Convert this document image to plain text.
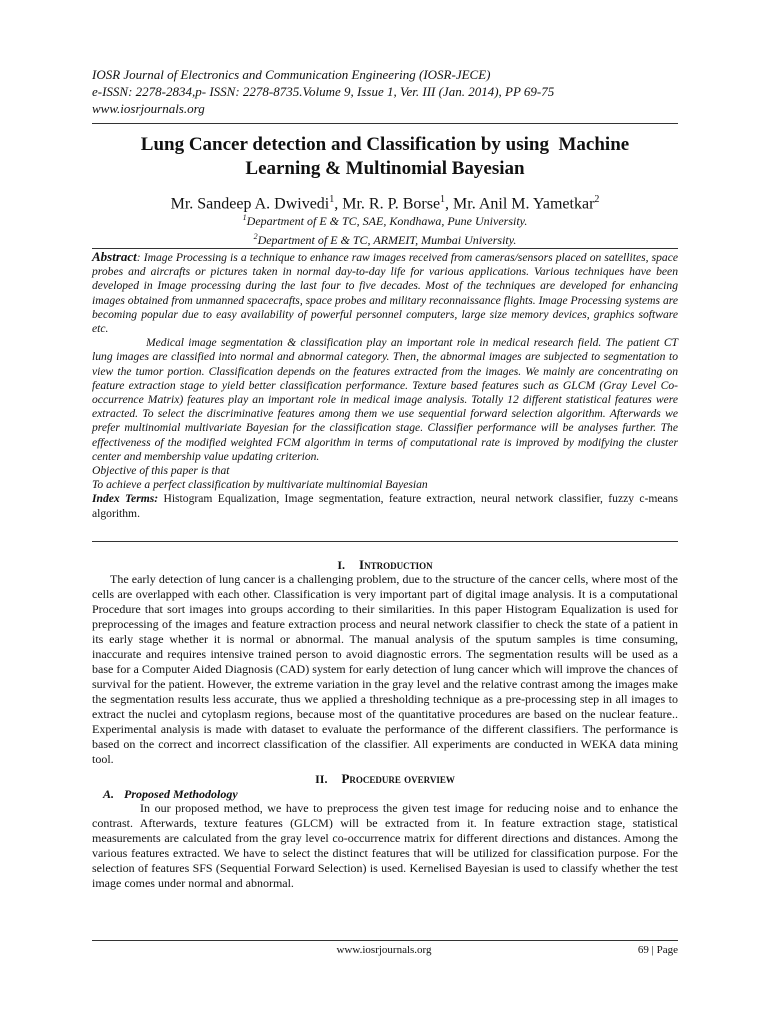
IOSR Journal of Electronics and Communication Engineering (IOSR-JECE)
e-ISSN: 2278-2834,p- ISSN: 2278-8735.Volume 9, Issue 1, Ver. III (Jan. 2014), PP 69-75
www.iosrjournals.org
Lung Cancer detection and Classification by using  Machine
Learning & Multinomial Bayesian
Mr. Sandeep A. Dwivedi$^1$, Mr. R. P. Borse$^1$, Mr. Anil M. Yametkar$^2$
$^1$Department of E & TC, SAE, Kondhawa, Pune University.
$^2$Department of E & TC, ARMEIT, Mumbai University.

Abstract: Image Processing is a technique to enhance raw images received from cameras/sensors placed on satellites, space probes and aircrafts or pictures taken in normal day-to-day life for various applications. Various techniques have been developed in Image processing during the last four to five decades. Most of the techniques are developed for enhancing images obtained from unmanned spacecrafts, space probes and military reconnaissance flights. Image Processing systems are becoming popular due to easy availability of powerful personnel computers, large size memory devices, graphics software etc.

Medical image segmentation & classification play an important role in medical research field. The patient CT lung images are classified into normal and abnormal category. Then, the abnormal images are subjected to segmentation to view the tumor portion. Classification depends on the features extracted from the images. We mainly are concentrating on feature extraction stage to yield better classification performance. Texture based features such as GLCM (Gray Level Co-occurrence Matrix) features play an important role in medical image analysis. Totally 12 different statistical features were extracted. To select the discriminative features among them we use sequential forward selection algorithm. Afterwards we prefer multinomial multivariate Bayesian for the classification stage. Classifier performance will be analyses further. The effectiveness of the modified weighted FCM algorithm in terms of computational rate is improved by modifying the cluster center and membership value updating criterion.

Objective of this paper is that

To achieve a perfect classification by multivariate multinomial Bayesian

Index Terms: Histogram Equalization, Image segmentation, feature extraction, neural network classifier, fuzzy c-means algorithm.

I. Introduction

The early detection of lung cancer is a challenging problem, due to the structure of the cancer cells, where most of the cells are overlapped with each other. Classification is very important part of digital image analysis. It is a computational Procedure that sort images into groups according to their similarities. In this paper Histogram Equalization is used for preprocessing of the images and feature extraction process and neural network classifier to check the state of a patient in its early stage whether it is normal or abnormal. The manual analysis of the sputum samples is time consuming, inaccurate and requires intensive trained person to avoid diagnostic errors. The segmentation results will be used as a base for a Computer Aided Diagnosis (CAD) system for early detection of lung cancer which will improve the chances of survival for the patient. However, the extreme variation in the gray level and the relative contrast among the images make the segmentation results less accurate, thus we applied a thresholding technique as a pre-processing step in all images to extract the nuclei and cytoplasm regions, because most of the quantitative procedures are based on the nuclear feature.. Experimental analysis is made with dataset to evaluate the performance of the different classifiers. The performance is based on the correct and incorrect classification of the classifier. All experiments are conducted in WEKA data mining tool.

II. Procedure overview
A. Proposed Methodology

In our proposed method, we have to preprocess the given test image for reducing noise and to enhance the contrast. Afterwards, texture features (GLCM) will be extracted from it. In feature extraction stage, statistical measurements are calculated from the gray level co-occurrence matrix for different directions and distances. Among the various features extracted. We have to select the distinct features that will be utilized for classification purpose. For the selection of features SFS (Sequential Forward Selection) is used. Kernelised Bayesian is used to classify whether the test image comes under normal and abnormal.

www.iosrjournals.org	69 | Page
